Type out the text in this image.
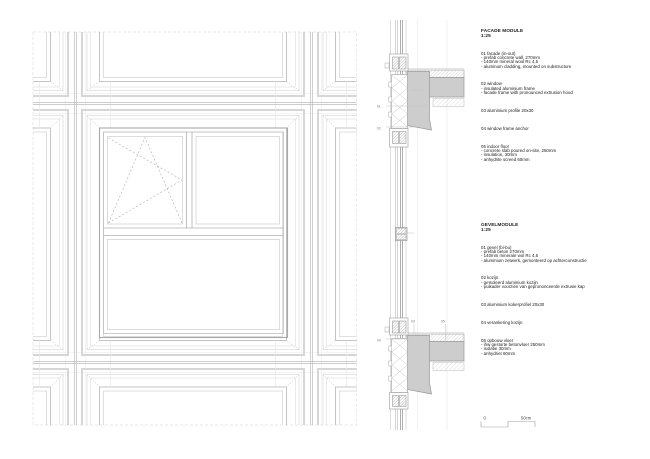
01
02
03	05
04
0	50cm
FACADE MODULE
1:25
01 facade (in-out)
- prefab concrete wall, 270mm
- 140mm mineral wool Rc 4,5
- aluminum cladding, mounted on substructure
02 window
- insulated aluminium frame
- facade frame with pronounced extrusion hood
03 aluminium profile 20x30
04 window frame anchor
05 indoor floor
- concrete slab poured on-site, 250mm
- insulation, 30mm
- anhydrite screed 60mm
GEVELMODULE
1:25
01 gevel (bi-bu)
- prefab beton 270mm
- 140mm minerale wol Rc 4,5
- aluminium zetwerk, gemonteerd op achterconstructie
02 kozijn
- geïsoleerd aluminium kozijn
- puikader voorzien van geprononceerde extrusie kap
03 aluminium kokerprofiel 20x30
04 verankering kozijn
05 opbouw vloer
- ihw gestorte betonvloer 250mm
- isolatie 30mm
- anhydriet 60mm
